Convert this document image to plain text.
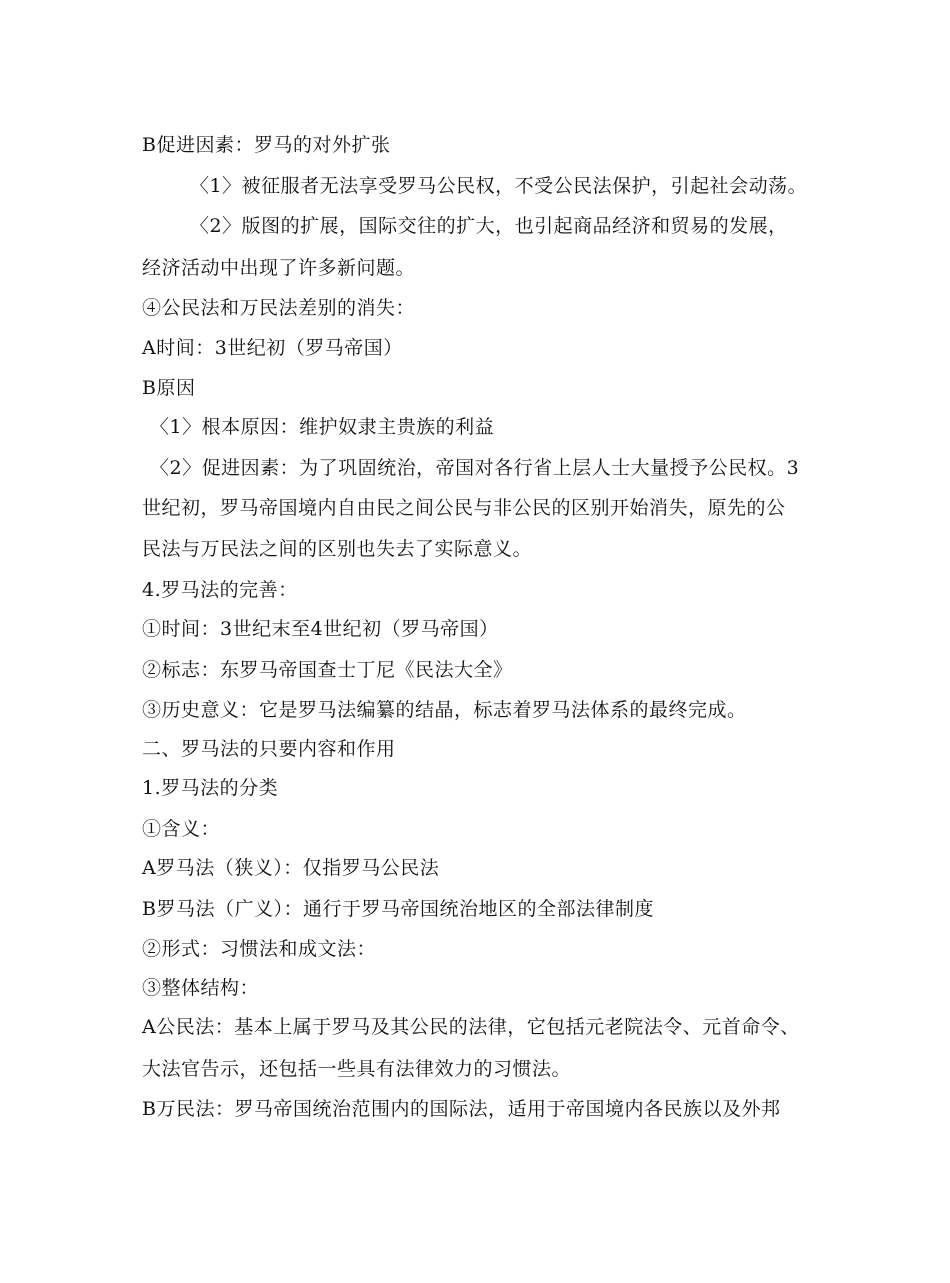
B促进因素：罗马的对外扩张
〈1〉被征服者无法享受罗马公民权，不受公民法保护，引起社会动荡。
〈2〉版图的扩展，国际交往的扩大，也引起商品经济和贸易的发展，
经济活动中出现了许多新问题。
④公民法和万民法差别的消失：
A时间：3世纪初（罗马帝国）
B原因
〈1〉根本原因：维护奴隶主贵族的利益
〈2〉促进因素：为了巩固统治，帝国对各行省上层人士大量授予公民权。3
世纪初，罗马帝国境内自由民之间公民与非公民的区别开始消失，原先的公
民法与万民法之间的区别也失去了实际意义。
4.罗马法的完善：
①时间：3世纪末至4世纪初（罗马帝国）
②标志：东罗马帝国查士丁尼《民法大全》
③历史意义：它是罗马法编纂的结晶，标志着罗马法体系的最终完成。
二、罗马法的只要内容和作用
1.罗马法的分类
①含义：
A罗马法（狭义）：仅指罗马公民法
B罗马法（广义）：通行于罗马帝国统治地区的全部法律制度
②形式：习惯法和成文法：
③整体结构：
A公民法：基本上属于罗马及其公民的法律，它包括元老院法令、元首命令、
大法官告示，还包括一些具有法律效力的习惯法。
B万民法：罗马帝国统治范围内的国际法，适用于帝国境内各民族以及外邦
